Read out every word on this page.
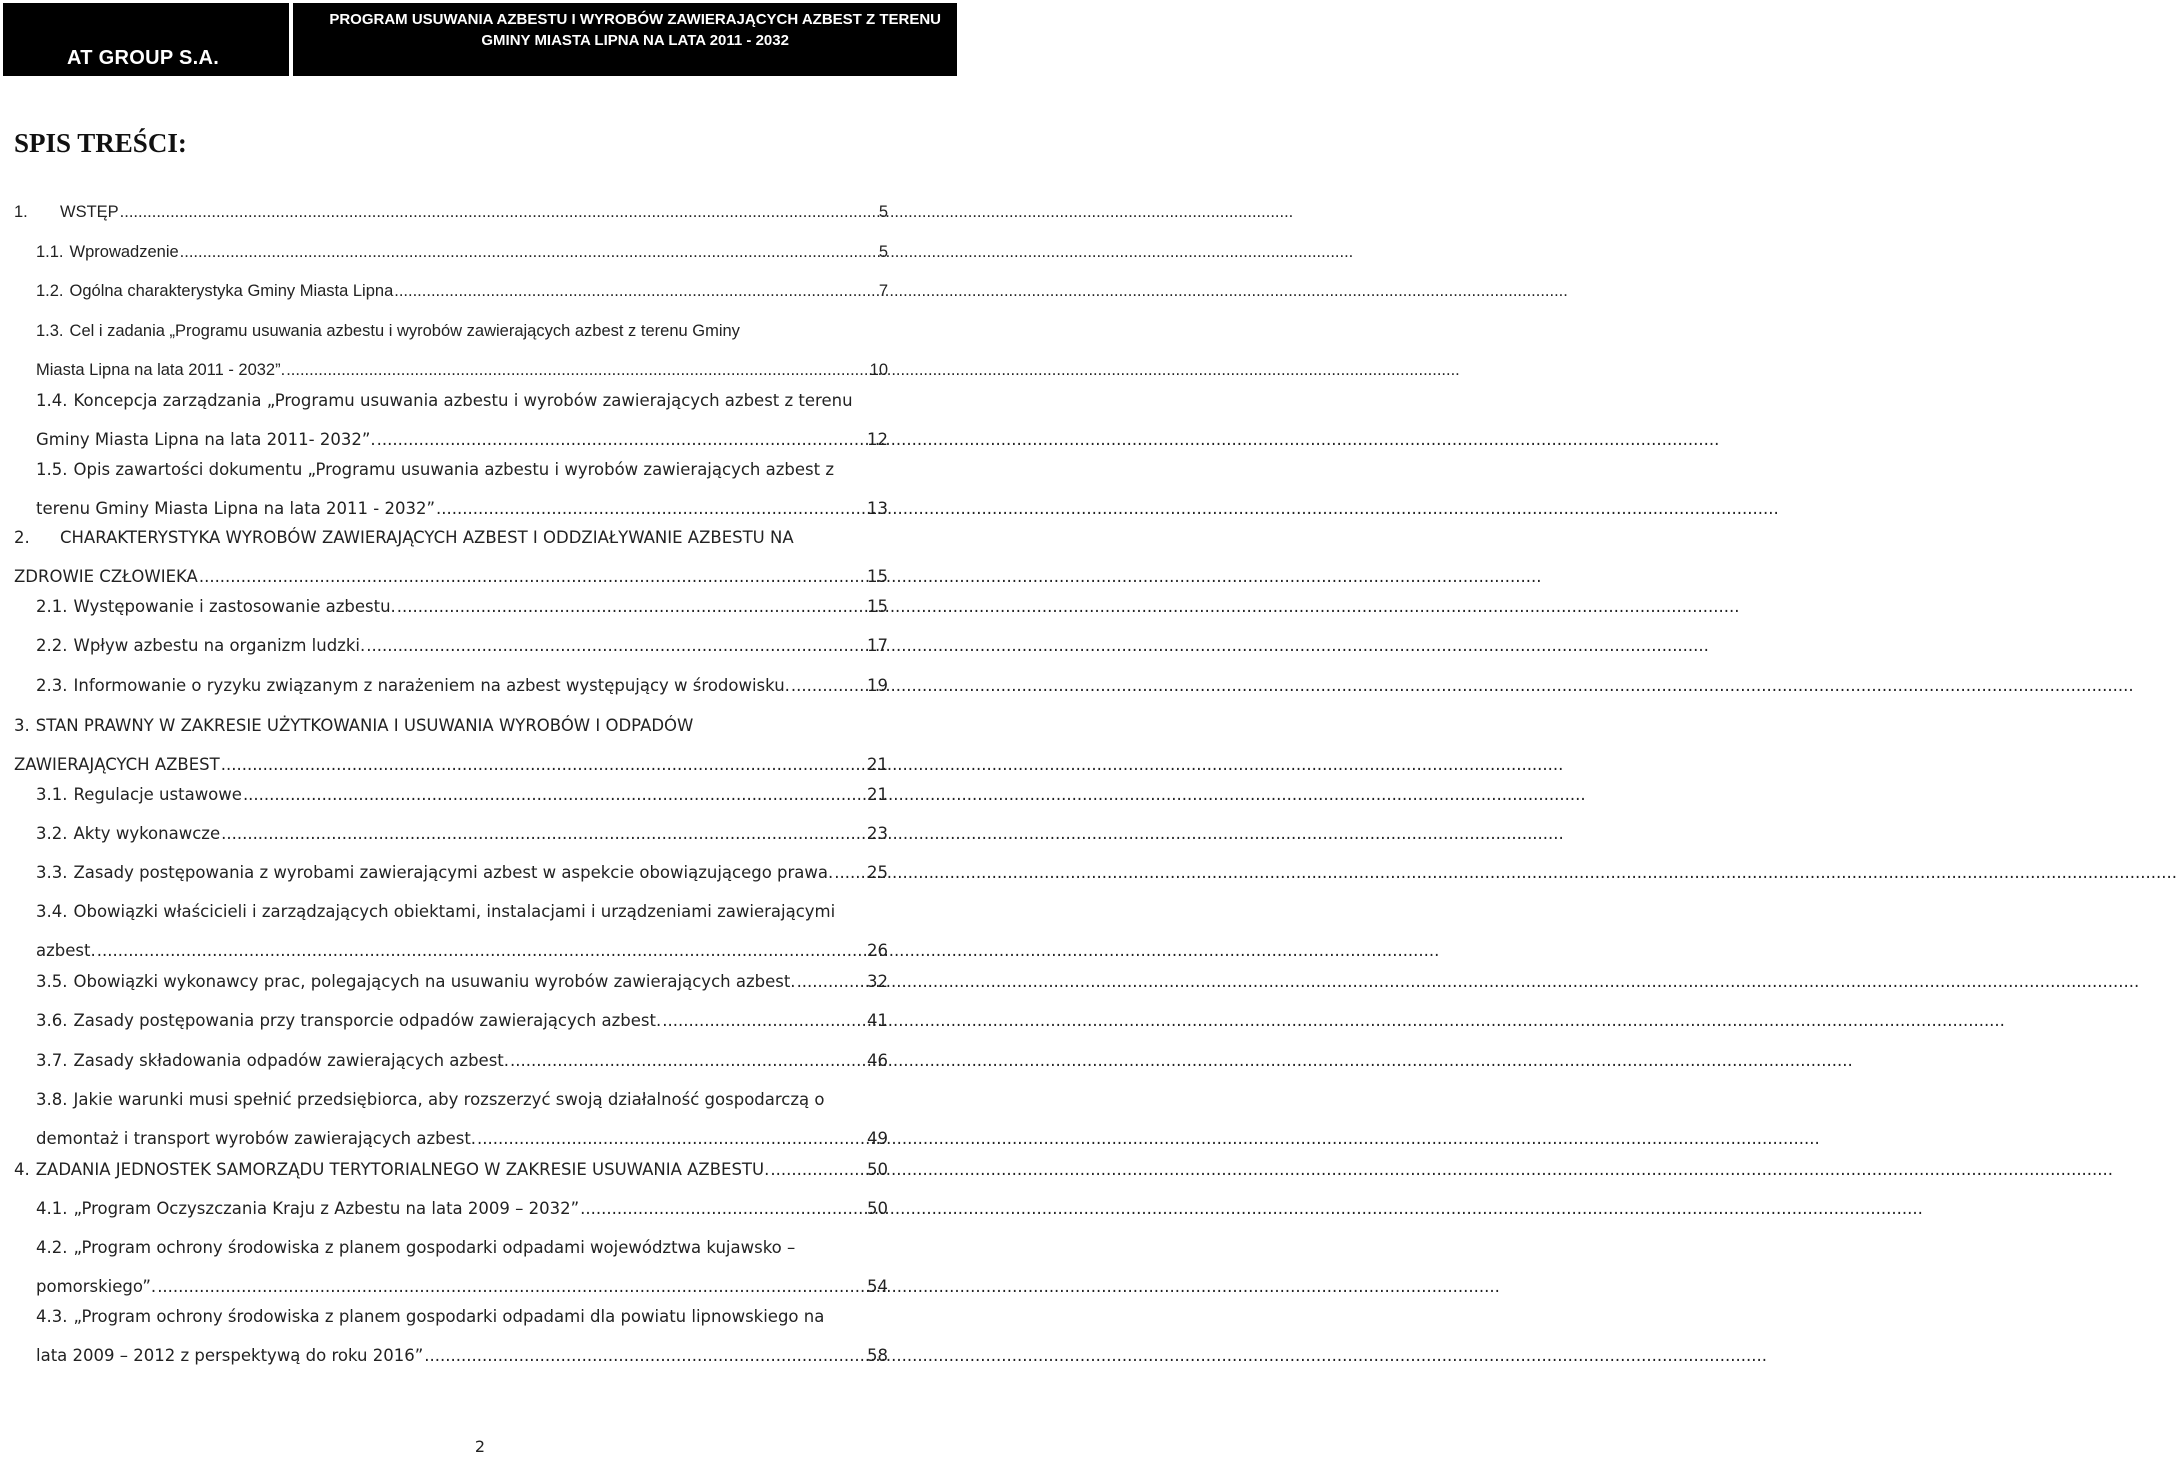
AT GROUP S.A.
PROGRAM USUWANIA AZBESTU I WYROBÓW ZAWIERAJĄCYCH AZBEST Z TERENU
GMINY MIASTA LIPNA NA LATA 2011 - 2032
SPIS TREŚCI:
1. WSTĘP .....	5
1.1. Wprowadzenie .....	5
1.2. Ogólna charakterystyka Gminy Miasta Lipna .....	7
1.3. Cel i zadania „Programu usuwania azbestu i wyrobów zawierających azbest z terenu Gminy
Miasta Lipna na lata 2011 - 2032”. .....	10
1.4. Koncepcja zarządzania „Programu usuwania azbestu i wyrobów zawierających azbest z terenu
Gminy Miasta Lipna na lata 2011- 2032”. .....	12
1.5. Opis zawartości dokumentu „Programu usuwania azbestu i wyrobów zawierających azbest z
terenu Gminy Miasta Lipna na lata 2011 - 2032” .....	13
2. CHARAKTERYSTYKA WYROBÓW ZAWIERAJĄCYCH AZBEST I ODDZIAŁYWANIE AZBESTU NA
ZDROWIE CZŁOWIEKA .....	15
2.1. Występowanie i zastosowanie azbestu. .....	15
2.2. Wpływ azbestu na organizm ludzki. .....	17
2.3. Informowanie o ryzyku związanym z narażeniem na azbest występujący w środowisku. .....	19
3. STAN PRAWNY W ZAKRESIE UŻYTKOWANIA I USUWANIA WYROBÓW I ODPADÓW
ZAWIERAJĄCYCH AZBEST .....	21
3.1. Regulacje ustawowe .....	21
3.2. Akty wykonawcze .....	23
3.3. Zasady postępowania z wyrobami zawierającymi azbest w aspekcie obowiązującego prawa. ..... 25
3.4. Obowiązki właścicieli i zarządzających obiektami, instalacjami i urządzeniami zawierającymi
azbest. .....	26
3.5. Obowiązki wykonawcy prac, polegających na usuwaniu wyrobów zawierających azbest. .....	32
3.6. Zasady postępowania przy transporcie odpadów zawierających azbest. .....	41
3.7. Zasady składowania odpadów zawierających azbest. .....	46
3.8. Jakie warunki musi spełnić przedsiębiorca, aby rozszerzyć swoją działalność gospodarczą o
demontaż i transport wyrobów zawierających azbest. .....	49
4. ZADANIA JEDNOSTEK SAMORZĄDU TERYTORIALNEGO W ZAKRESIE USUWANIA AZBESTU. .....	50
4.1. „Program Oczyszczania Kraju z Azbestu na lata 2009 – 2032” .....	50
4.2. „Program ochrony środowiska z planem gospodarki odpadami województwa kujawsko –
pomorskiego”. .....	54
4.3. „Program ochrony środowiska z planem gospodarki odpadami dla powiatu lipnowskiego na
lata 2009 – 2012 z perspektywą do roku 2016” .....	58
2
